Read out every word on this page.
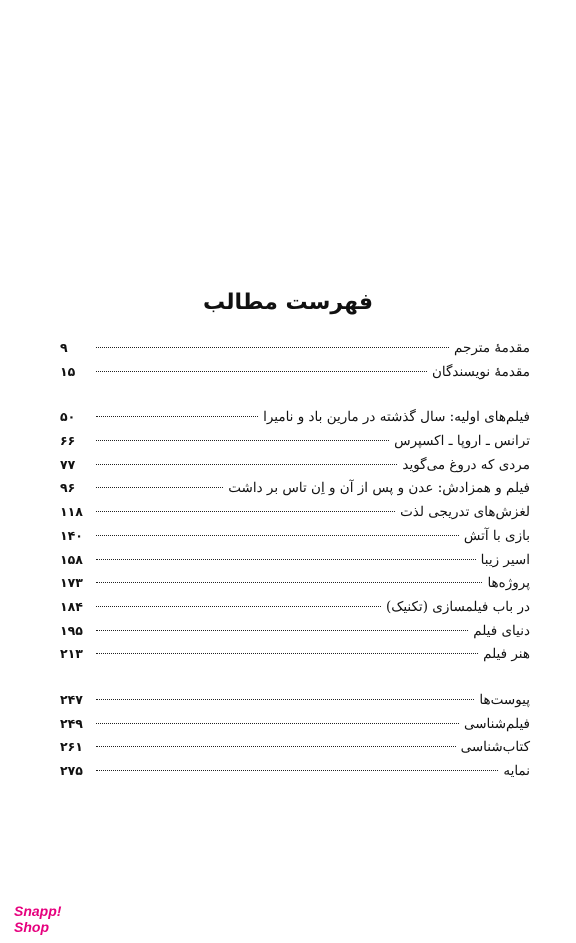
فهرست مطالب
مقدمهٔ مترجم
۹
مقدمهٔ نویسندگان
۱۵
فیلم‌های اولیه: سال گذشته در مارین باد و نامیرا
۵۰
ترانس ـ اروپا ـ اکسپرس
۶۶
مردی که دروغ می‌گوید
۷۷
فیلم و همزادش: عدن و پس از آن و اِن تاس بر داشت
۹۶
لغزش‌های تدریجی لذت
۱۱۸
بازی با آتش
۱۴۰
اسیر زیبا
۱۵۸
پروژه‌ها
۱۷۳
در باب فیلمسازی (تکنیک)
۱۸۴
دنیای فیلم
۱۹۵
هنر فیلم
۲۱۳
پیوست‌ها
۲۴۷
فیلم‌شناسی
۲۴۹
کتاب‌شناسی
۲۶۱
نمایه
۲۷۵
Snapp!
Shop
